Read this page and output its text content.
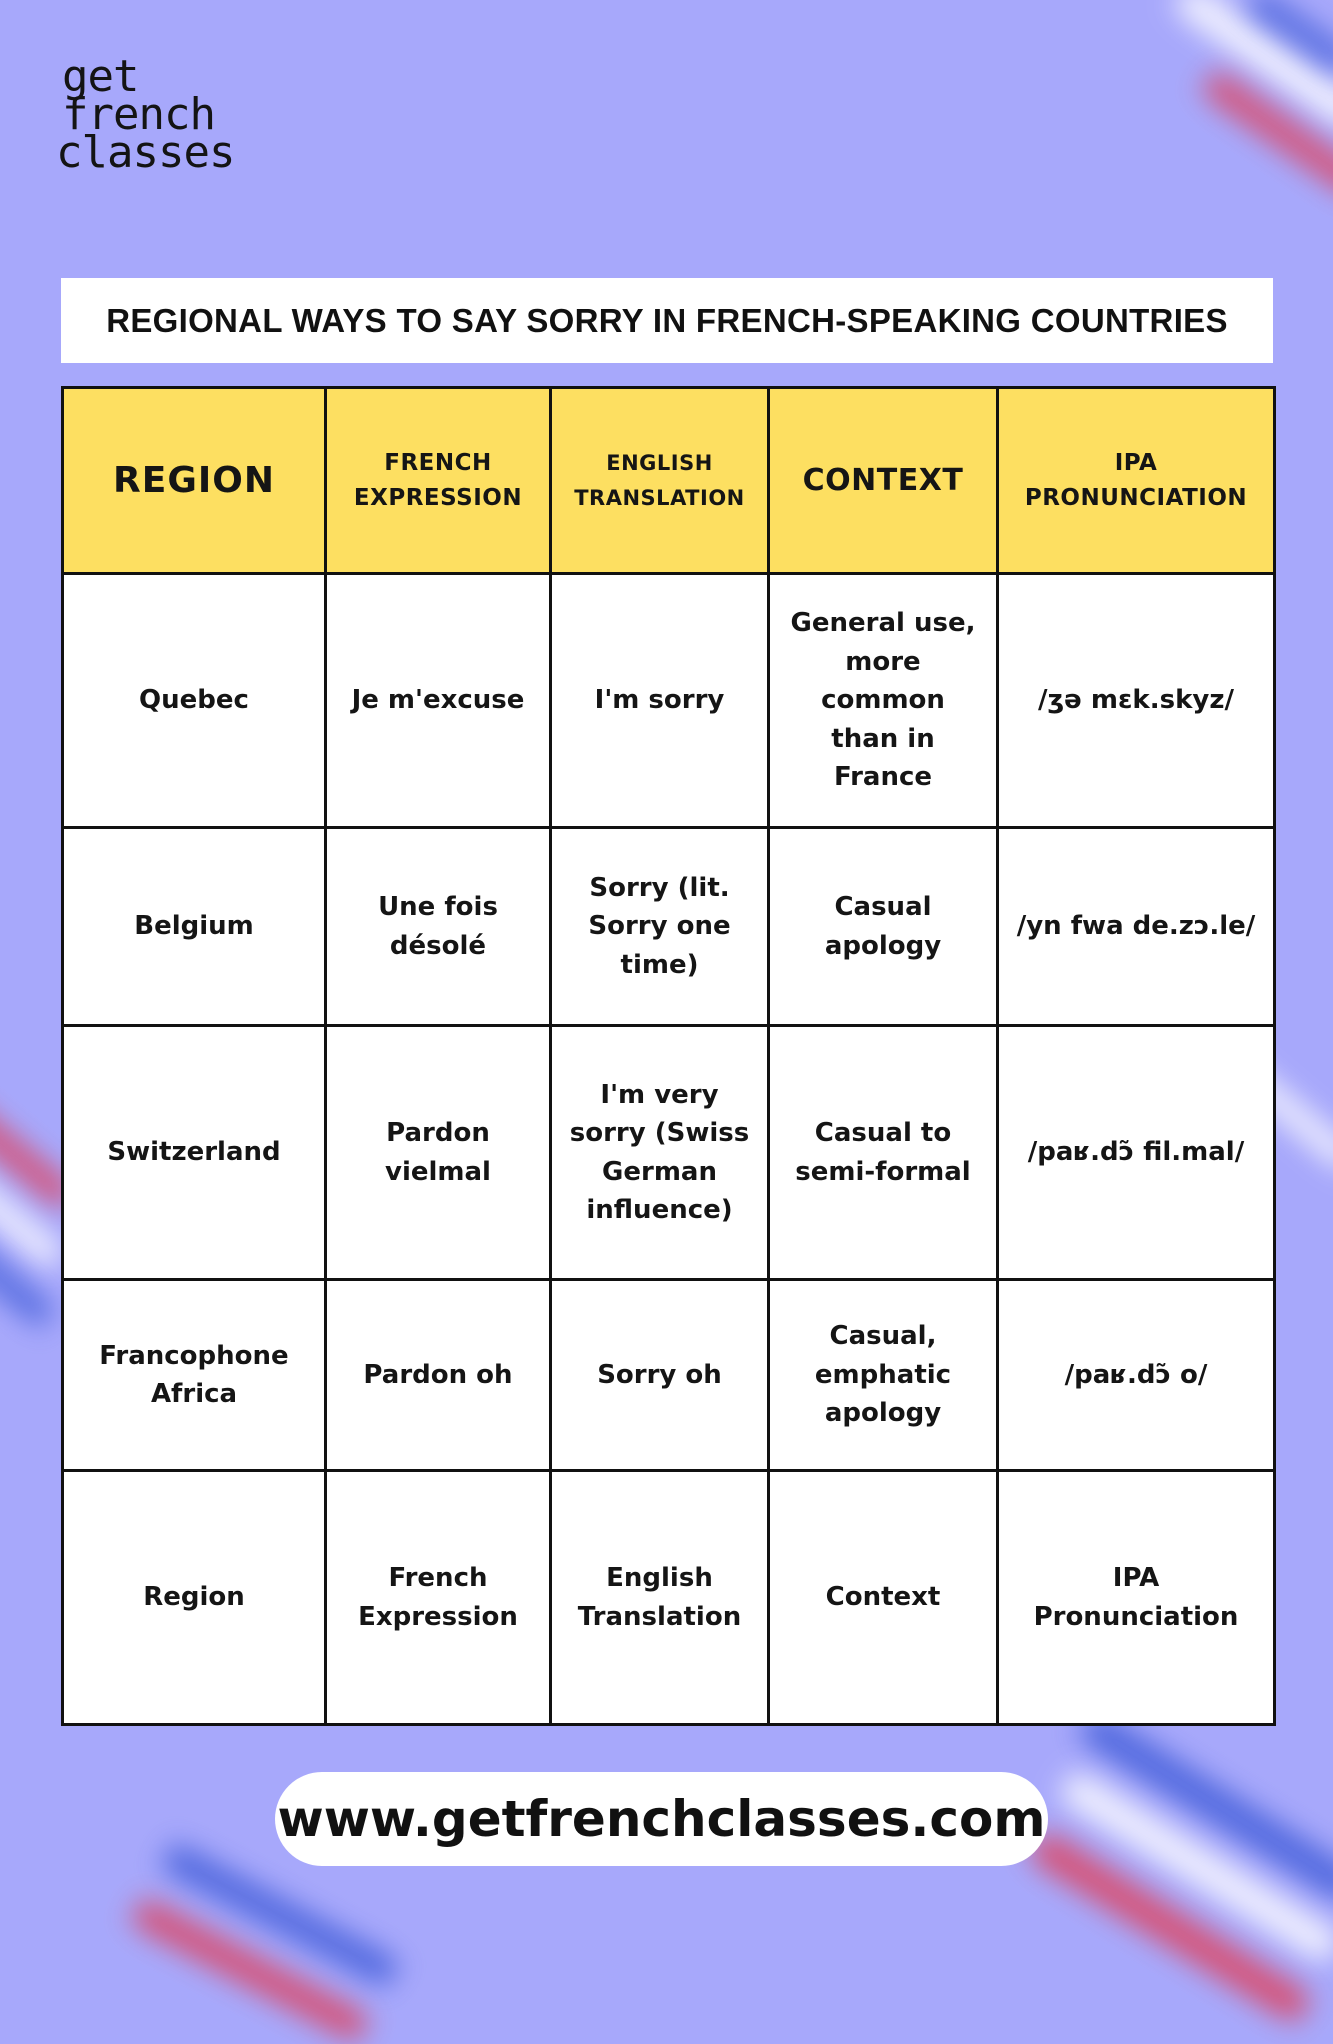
get
french
classes
REGIONAL WAYS TO SAY SORRY IN FRENCH-SPEAKING COUNTRIES
REGION	FRENCH EXPRESSION	ENGLISH TRANSLATION	CONTEXT	IPA PRONUNCIATION
Quebec	Je m'excuse	I'm sorry	General use, more common than in France	/ʒə mɛk.skyz/
Belgium	Une fois désolé	Sorry (lit. Sorry one time)	Casual apology	/yn fwa de.zɔ.le/
Switzerland	Pardon vielmal	I'm very sorry (Swiss German influence)	Casual to semi-formal	/paʁ.dɔ̃ fil.mal/
Francophone Africa	Pardon oh	Sorry oh	Casual, emphatic apology	/paʁ.dɔ̃ o/
Region	French Expression	English Translation	Context	IPA Pronunciation
www.getfrenchclasses.com
